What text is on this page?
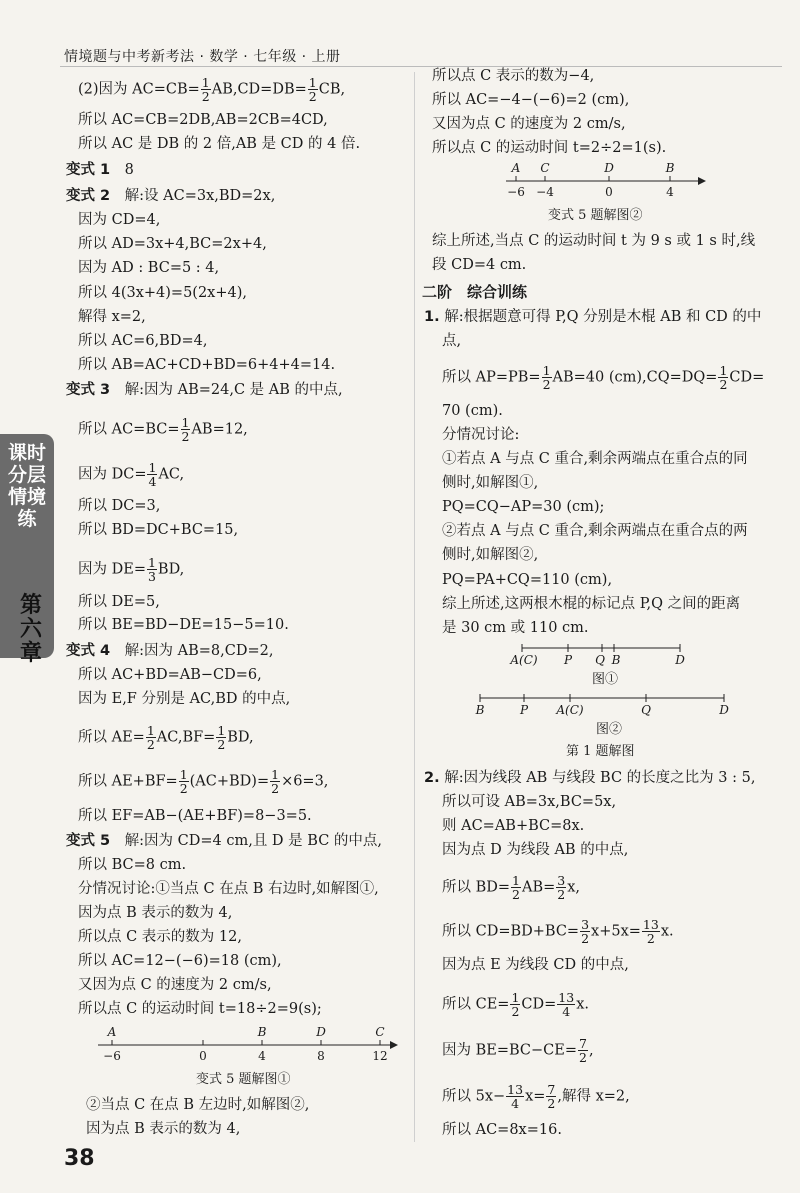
情境题与中考新考法 · 数学 · 七年级 · 上册
课时分层情境练
第六章
38
(2)因为 $AC=CB= \frac{1}{2} AB,CD=DB= \frac{1}{2}$ CB,
所以 AC=CB=2DB,AB=2CB=4CD,
所以 AC 是 DB 的 2 倍,AB 是 CD 的 4 倍.
变式 1　 8
变式 2　 解:设 AC=3x,BD=2x,
因为 CD=4,
所以 AD=3x+4,BC=2x+4,
因为 AD : BC=5 : 4,
所以 4(3x+4)=5(2x+4),
解得 x=2,
所以 AC=6,BD=4,
所以 AB=AC+CD+BD=6+4+4=14.
变式 3　 解:因为 AB=24,C 是 AB 的中点,
所以 $AC=BC= \frac{1}{2} AB=12$,
因为 $DC= \frac{1}{4}$ AC,
所以 DC=3,
所以 BD=DC+BC=15,
因为 $DE= \frac{1}{3}$ BD,
所以 DE=5,
所以 BE=BD−DE=15−5=10.
变式 4　 解:因为 AB=8,CD=2,
所以 AC+BD=AB−CD=6,
因为 E,F 分别是 AC,BD 的中点,
所以 $AE= \frac{1}{2} AC,BF= \frac{1}{2}$ BD,
所以 $AE+BF= \frac{1}{2} (AC+BD)= \frac{1}{2} \times 6=3$,
所以 EF=AB−(AE+BF)=8−3=5.
变式 5　 解:因为 CD=4 cm,且 D 是 BC 的中点,
所以 BC=8 cm.
分情况讨论:①当点 C 在点 B 右边时,如解图①,
因为点 B 表示的数为 4,
所以点 C 表示的数为 12,
所以 AC=12−(−6)=18 (cm),
又因为点 C 的速度为 2 cm/s,
所以点 C 的运动时间 t=18÷2=9(s);
A	B	D	C
−6	0	4	8	12
变式 5 题解图①
②当点 C 在点 B 左边时,如解图②,
因为点 B 表示的数为 4,
所以点 C 表示的数为−4,
所以 AC=−4−(−6)=2 (cm),
又因为点 C 的速度为 2 cm/s,
所以点 C 的运动时间 t=2÷2=1(s).
A C	D	B
−6 −4	0	4
变式 5 题解图②
综上所述,当点 C 的运动时间 t 为 9 s 或 1 s 时,线
段 CD=4 cm.
二阶　综合训练
1. 解:根据题意可得 P,Q 分别是木棍 AB 和 CD 的中
点,
所以 $AP=PB= \frac{1}{2} AB=40$ $(cm),CQ=DQ= \frac{1}{2} CD=$
70 (cm).
分情况讨论:
①若点 A 与点 C 重合,剩余两端点在重合点的同
侧时,如解图①,
PQ=CQ−AP=30 (cm);
②若点 A 与点 C 重合,剩余两端点在重合点的两
侧时,如解图②,
PQ=PA+CQ=110 (cm),
综上所述,这两根木棍的标记点 P,Q 之间的距离
是 30 cm 或 110 cm.
A(C) P Q B	D
图①
B	P A(C)	Q	D
图②
第 1 题解图
2. 解:因为线段 AB 与线段 BC 的长度之比为 3 : 5,
所以可设 AB=3x,BC=5x,
则 AC=AB+BC=8x.
因为点 D 为线段 AB 的中点,
所以 $BD= \frac{1}{2} AB= \frac{3}{2} x$,
所以 $CD=BD+BC= \frac{3}{2} x+5x= \frac{13}{2} x$.
因为点 E 为线段 CD 的中点,
所以 $CE= \frac{1}{2} CD= \frac{13}{4} x$.
因为 $BE=BC-CE= \frac{7}{2}$ ,
所以 $5x- \frac{13}{4} x= \frac{7}{2}$ ,解得 x=2,
所以 AC=8x=16.
